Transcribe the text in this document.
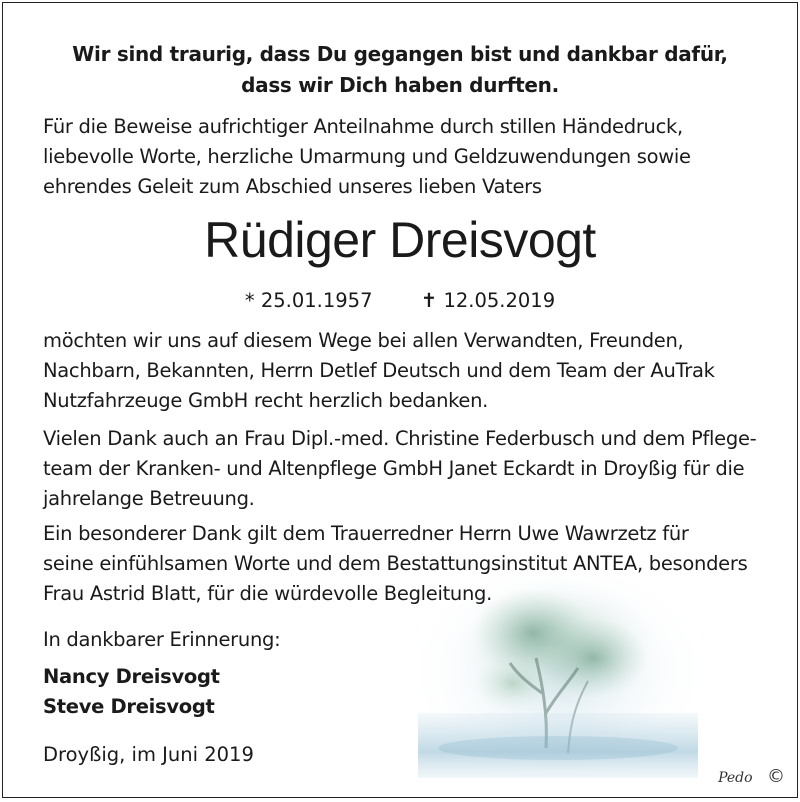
Wir sind traurig, dass Du gegangen bist und dankbar dafür,
dass wir Dich haben durften.
Für die Beweise aufrichtiger Anteilnahme durch stillen Händedruck,
liebevolle Worte, herzliche Umarmung und Geldzuwendungen sowie
ehrendes Geleit zum Abschied unseres lieben Vaters
Rüdiger Dreisvogt
* 25.01.1957 ✝ 12.05.2019
möchten wir uns auf diesem Wege bei allen Verwandten, Freunden,
Nachbarn, Bekannten, Herrn Detlef Deutsch und dem Team der AuTrak
Nutzfahrzeuge GmbH recht herzlich bedanken.
Vielen Dank auch an Frau Dipl.-med. Christine Federbusch und dem Pflege-
team der Kranken- und Altenpflege GmbH Janet Eckardt in Droyßig für die
jahrelange Betreuung.
Ein besonderer Dank gilt dem Trauerredner Herrn Uwe Wawrzetz für
seine einfühlsamen Worte und dem Bestattungsinstitut ANTEA, besonders
Frau Astrid Blatt, für die würdevolle Begleitung.
In dankbarer Erinnerung:
Nancy Dreisvogt
Steve Dreisvogt
Droyßig, im Juni 2019
Pedo ©
